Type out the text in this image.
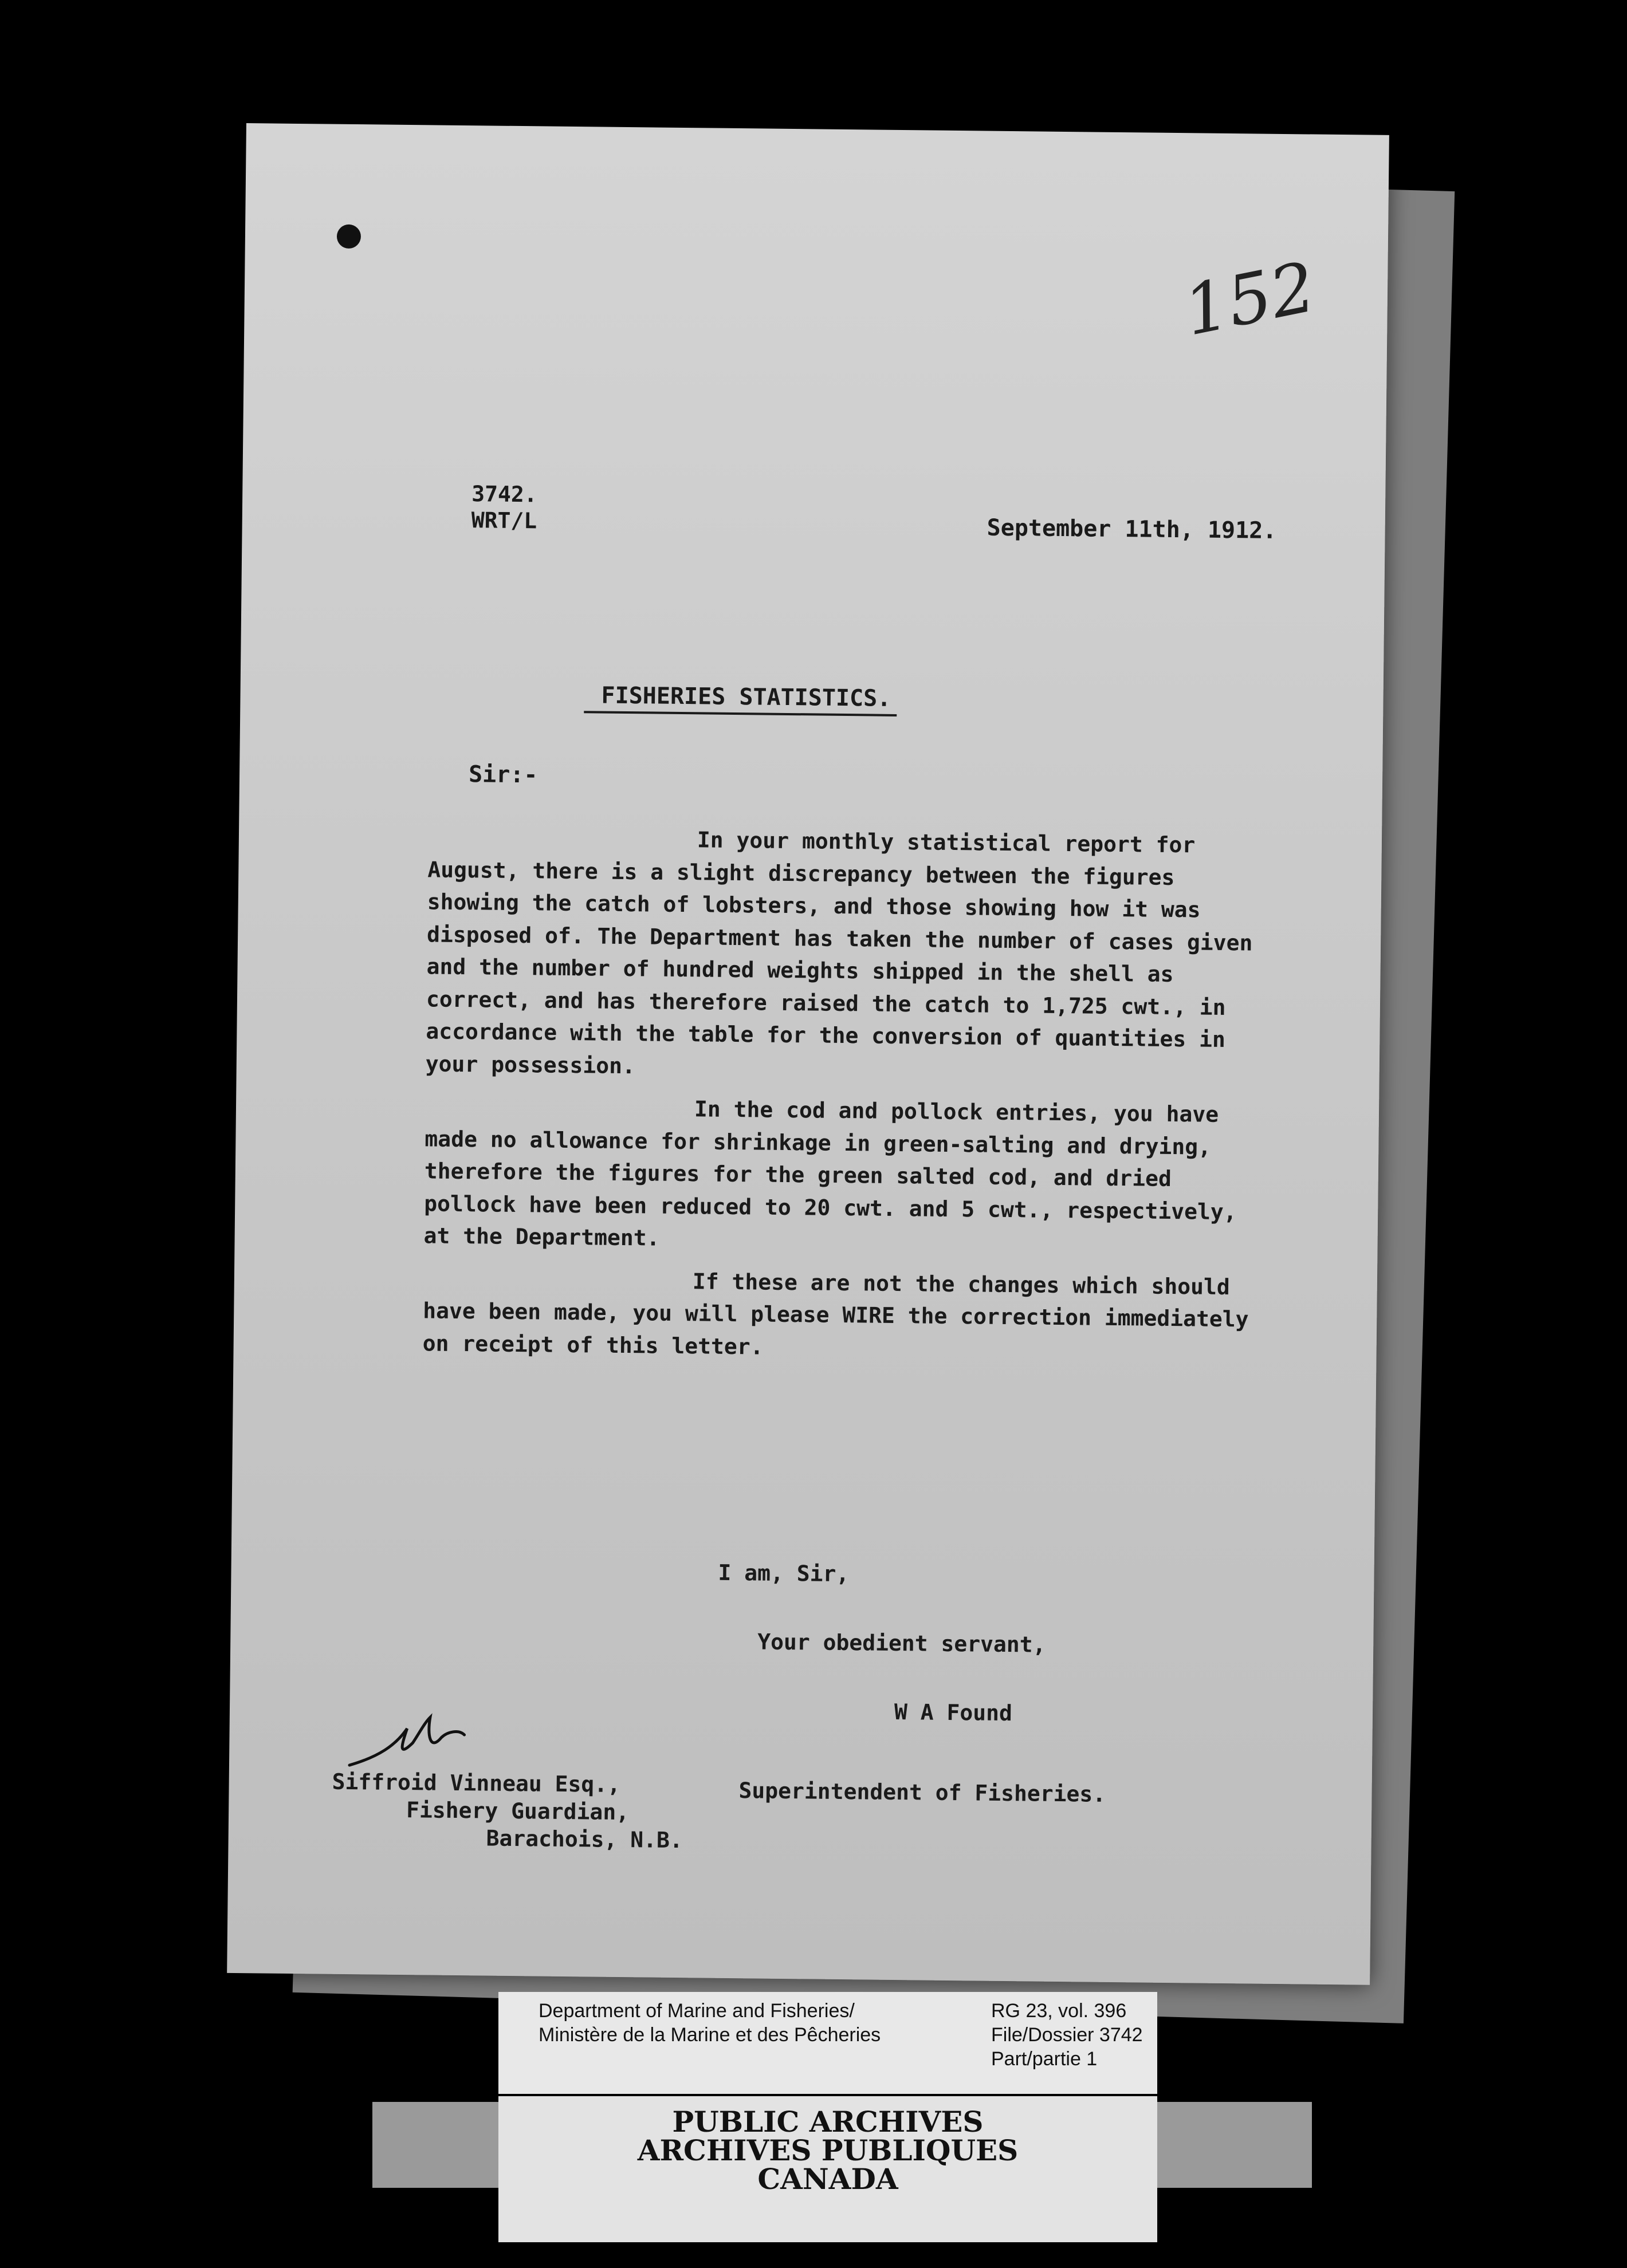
152
3742.
WRT/L	September 11th, 1912.
FISHERIES STATISTICS.
Sir:-

In your monthly statistical report for August, there is a slight discrepancy between the figures showing the catch of lobsters, and those showing how it was disposed of. The Department has taken the number of cases given and the number of hundred weights shipped in the shell as correct, and has therefore raised the catch to 1,725 cwt., in accordance with the table for the conversion of quantities in your possession.

In the cod and pollock entries, you have made no allowance for shrinkage in green-salting and drying, therefore the figures for the green salted cod, and dried pollock have been reduced to 20 cwt. and 5 cwt., respectively, at the Department.

If these are not the changes which should have been made, you will please WIRE the correction immediately on receipt of this letter.

I am, Sir,
Your obedient servant,
W A Found
Superintendent of Fisheries.
Siffroid Vinneau Esq.,
Fishery Guardian,
Barachois, N.B.
Department of Marine and Fisheries/
Ministère de la Marine et des Pêcheries
RG 23, vol. 396
File/Dossier 3742
Part/partie 1
PUBLIC ARCHIVES
ARCHIVES PUBLIQUES
CANADA
